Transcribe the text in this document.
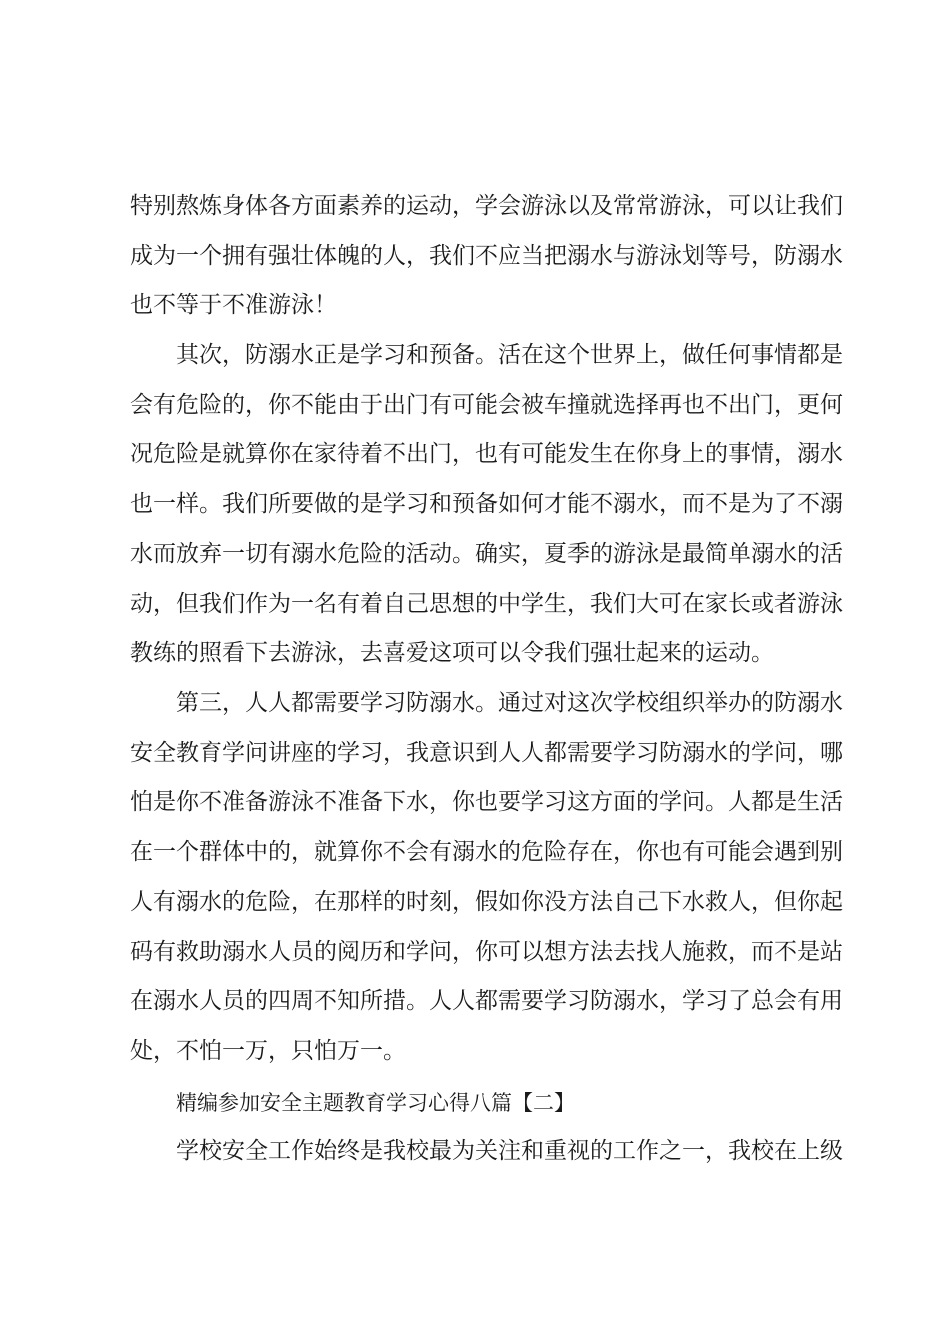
特别熬炼身体各方面素养的运动，学会游泳以及常常游泳，可以让我们
成为一个拥有强壮体魄的人，我们不应当把溺水与游泳划等号，防溺水
也不等于不准游泳！
其次，防溺水正是学习和预备。活在这个世界上，做任何事情都是
会有危险的，你不能由于出门有可能会被车撞就选择再也不出门，更何
况危险是就算你在家待着不出门，也有可能发生在你身上的事情，溺水
也一样。我们所要做的是学习和预备如何才能不溺水，而不是为了不溺
水而放弃一切有溺水危险的活动。确实，夏季的游泳是最简单溺水的活
动，但我们作为一名有着自己思想的中学生，我们大可在家长或者游泳
教练的照看下去游泳，去喜爱这项可以令我们强壮起来的运动。
第三，人人都需要学习防溺水。通过对这次学校组织举办的防溺水
安全教育学问讲座的学习，我意识到人人都需要学习防溺水的学问，哪
怕是你不准备游泳不准备下水，你也要学习这方面的学问。人都是生活
在一个群体中的，就算你不会有溺水的危险存在，你也有可能会遇到别
人有溺水的危险，在那样的时刻，假如你没方法自己下水救人，但你起
码有救助溺水人员的阅历和学问，你可以想方法去找人施救，而不是站
在溺水人员的四周不知所措。人人都需要学习防溺水，学习了总会有用
处，不怕一万，只怕万一。
精编参加安全主题教育学习心得八篇【二】
学校安全工作始终是我校最为关注和重视的工作之一，我校在上级
